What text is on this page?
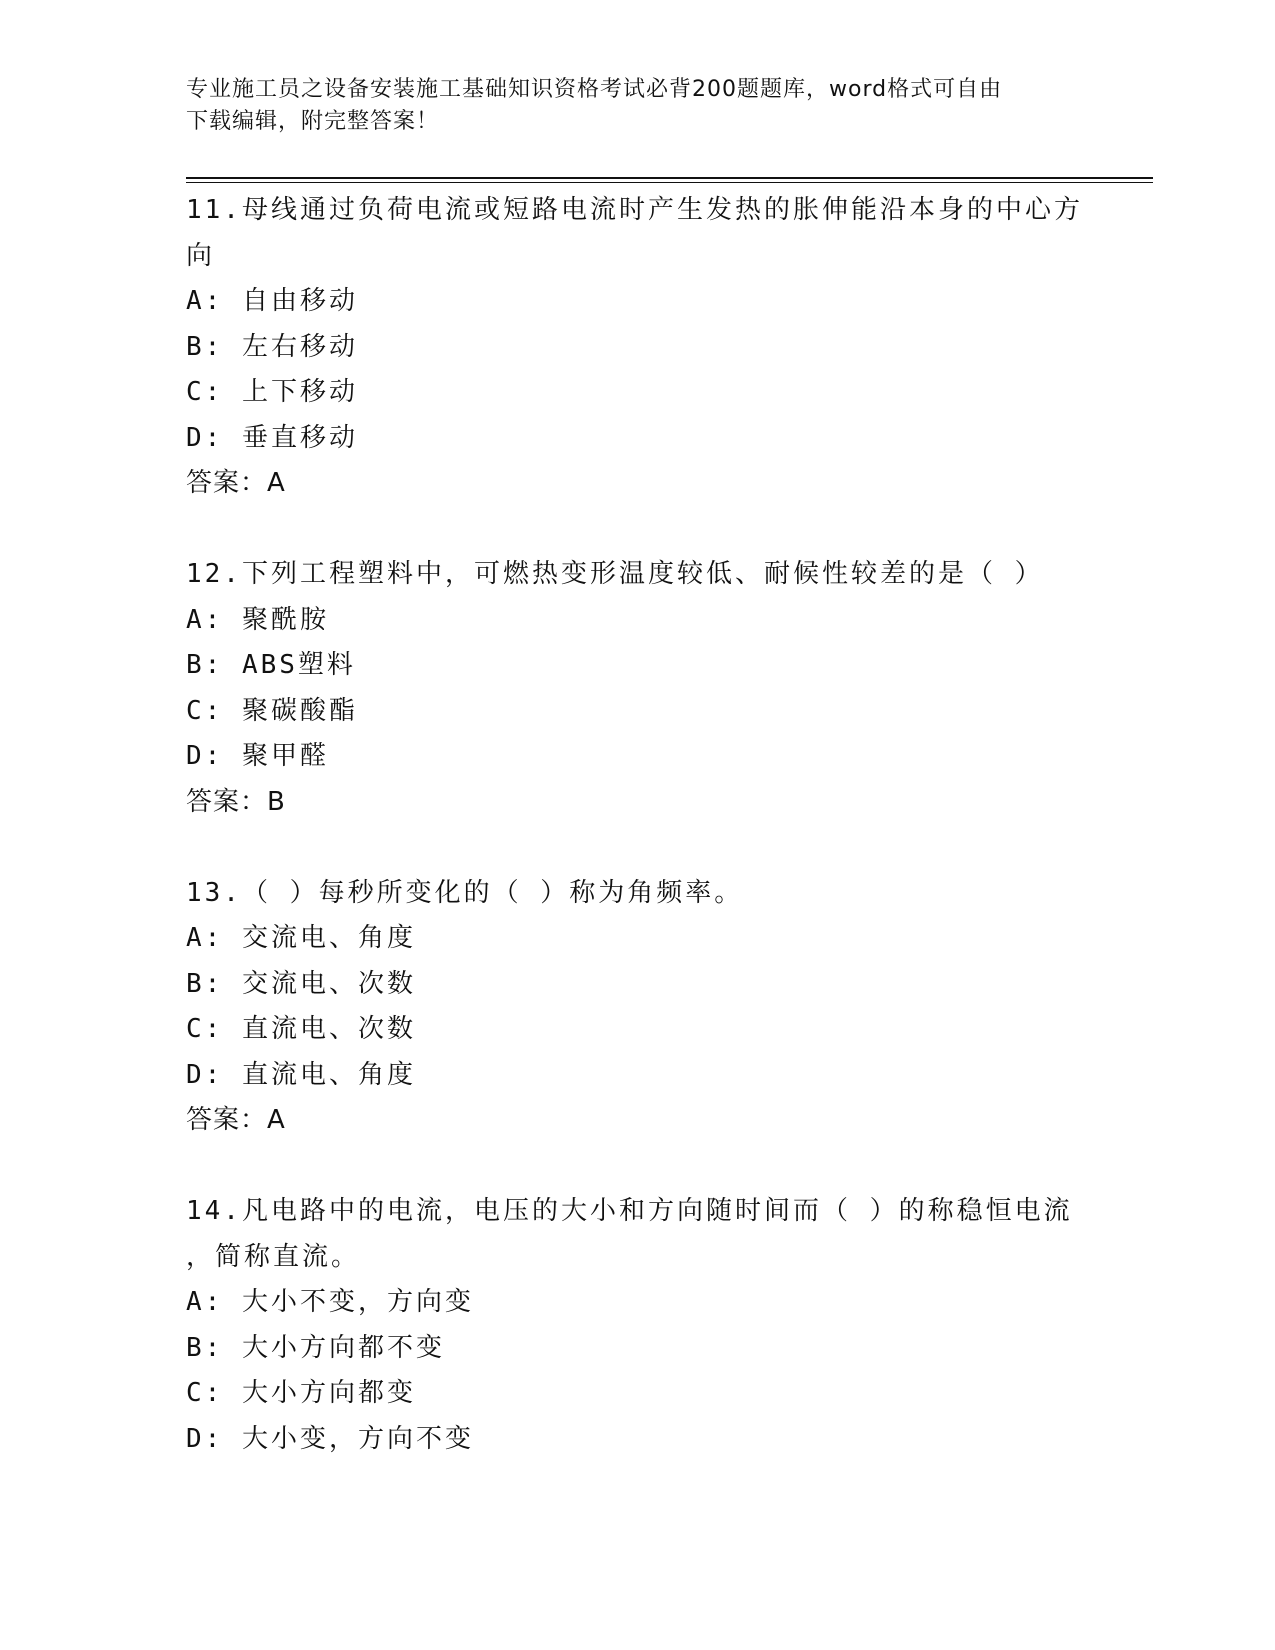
专业施工员之设备安装施工基础知识资格考试必背200题题库，word格式可自由
下载编辑，附完整答案！

11.母线通过负荷电流或短路电流时产生发热的胀伸能沿本身的中心方

向

A: 自由移动

B: 左右移动

C: 上下移动

D: 垂直移动

答案：A

12.下列工程塑料中，可燃热变形温度较低、耐候性较差的是（ ）

A: 聚酰胺

B: ABS塑料

C: 聚碳酸酯

D: 聚甲醛

答案：B

13.（ ）每秒所变化的（ ）称为角频率。

A: 交流电、角度

B: 交流电、次数

C: 直流电、次数

D: 直流电、角度

答案：A

14.凡电路中的电流，电压的大小和方向随时间而（ ）的称稳恒电流

，简称直流。

A: 大小不变，方向变

B: 大小方向都不变

C: 大小方向都变

D: 大小变，方向不变
